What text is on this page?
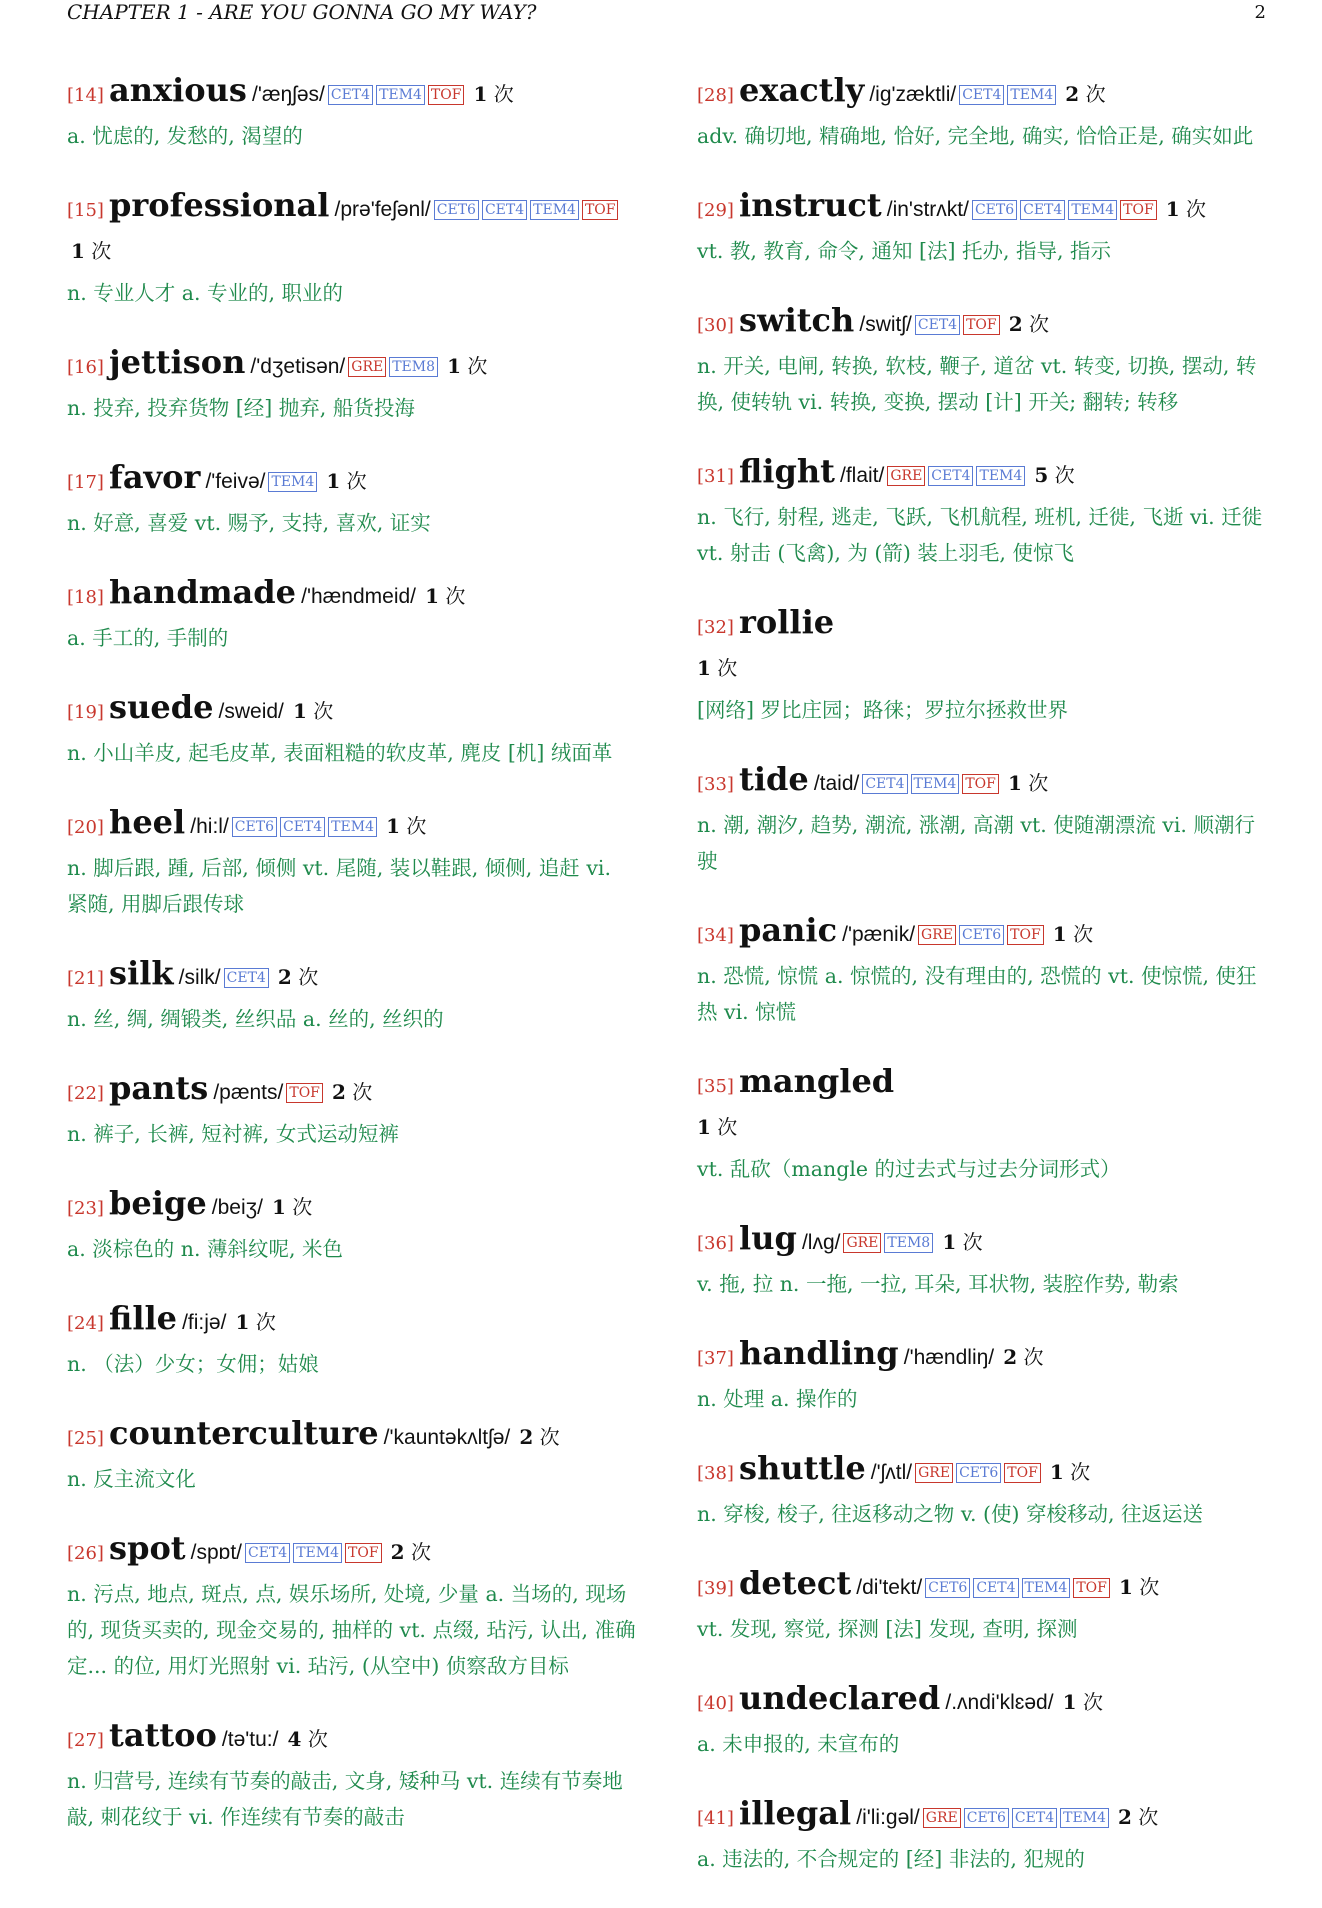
CHAPTER 1 - ARE YOU GONNA GO MY WAY?	2
[14] anxious /'æŋʃəs/ CET4 TEM4 TOF 1 次
a. 忧虑的, 发愁的, 渴望的
[15] professional /prə'feʃənl/ CET6 CET4 TEM4 TOF 1 次
n. 专业人才 a. 专业的, 职业的
[16] jettison /'dʒetisən/ GRE TEM8 1 次
n. 投弃, 投弃货物 [经] 抛弃, 船货投海
[17] favor /'feivə/ TEM4 1 次
n. 好意, 喜爱 vt. 赐予, 支持, 喜欢, 证实
[18] handmade /'hændmeid/ 1 次
a. 手工的, 手制的
[19] suede /sweid/ 1 次
n. 小山羊皮, 起毛皮革, 表面粗糙的软皮革, 麂皮 [机] 绒面革
[20] heel /hi:l/ CET6 CET4 TEM4 1 次
n. 脚后跟, 踵, 后部, 倾侧 vt. 尾随, 装以鞋跟, 倾侧, 追赶 vi. 紧随, 用脚后跟传球
[21] silk /silk/ CET4 2 次
n. 丝, 绸, 绸锻类, 丝织品 a. 丝的, 丝织的
[22] pants /pænts/ TOF 2 次
n. 裤子, 长裤, 短衬裤, 女式运动短裤
[23] beige /beiʒ/ 1 次
a. 淡棕色的 n. 薄斜纹呢, 米色
[24] fille /fi:jə/ 1 次
n. （法）少女；女佣；姑娘
[25] counterculture /'kauntəkʌltʃə/ 2 次
n. 反主流文化
[26] spot /spɒt/ CET4 TEM4 TOF 2 次
n. 污点, 地点, 斑点, 点, 娱乐场所, 处境, 少量 a. 当场的, 现场的, 现货买卖的, 现金交易的, 抽样的 vt. 点缀, 玷污, 认出, 准确定... 的位, 用灯光照射 vi. 玷污, (从空中) 侦察敌方目标
[27] tattoo /tə'tu:/ 4 次
n. 归营号, 连续有节奏的敲击, 文身, 矮种马 vt. 连续有节奏地敲, 刺花纹于 vi. 作连续有节奏的敲击
[28] exactly /ig'zæktli/ CET4 TEM4 2 次
adv. 确切地, 精确地, 恰好, 完全地, 确实, 恰恰正是, 确实如此
[29] instruct /in'strʌkt/ CET6 CET4 TEM4 TOF 1 次
vt. 教, 教育, 命令, 通知 [法] 托办, 指导, 指示
[30] switch /switʃ/ CET4 TOF 2 次
n. 开关, 电闸, 转换, 软枝, 鞭子, 道岔 vt. 转变, 切换, 摆动, 转换, 使转轨 vi. 转换, 变换, 摆动 [计] 开关; 翻转; 转移
[31] flight /flait/ GRE CET4 TEM4 5 次
n. 飞行, 射程, 逃走, 飞跃, 飞机航程, 班机, 迁徙, 飞逝 vi. 迁徙 vt. 射击 (飞禽), 为 (箭) 装上羽毛, 使惊飞
[32] rollie
1 次
[网络] 罗比庄园；路徕；罗拉尔拯救世界
[33] tide /taid/ CET4 TEM4 TOF 1 次
n. 潮, 潮汐, 趋势, 潮流, 涨潮, 高潮 vt. 使随潮漂流 vi. 顺潮行驶
[34] panic /'pænik/ GRE CET6 TOF 1 次
n. 恐慌, 惊慌 a. 惊慌的, 没有理由的, 恐慌的 vt. 使惊慌, 使狂热 vi. 惊慌
[35] mangled
1 次
vt. 乱砍（mangle 的过去式与过去分词形式）
[36] lug /lʌg/ GRE TEM8 1 次
v. 拖, 拉 n. 一拖, 一拉, 耳朵, 耳状物, 装腔作势, 勒索
[37] handling /'hændliŋ/ 2 次
n. 处理 a. 操作的
[38] shuttle /'ʃʌtl/ GRE CET6 TOF 1 次
n. 穿梭, 梭子, 往返移动之物 v. (使) 穿梭移动, 往返运送
[39] detect /di'tekt/ CET6 CET4 TEM4 TOF 1 次
vt. 发现, 察觉, 探测 [法] 发现, 查明, 探测
[40] undeclared /.ʌndi'klɛəd/ 1 次
a. 未申报的, 未宣布的
[41] illegal /i'li:gəl/ GRE CET6 CET4 TEM4 2 次
a. 违法的, 不合规定的 [经] 非法的, 犯规的
